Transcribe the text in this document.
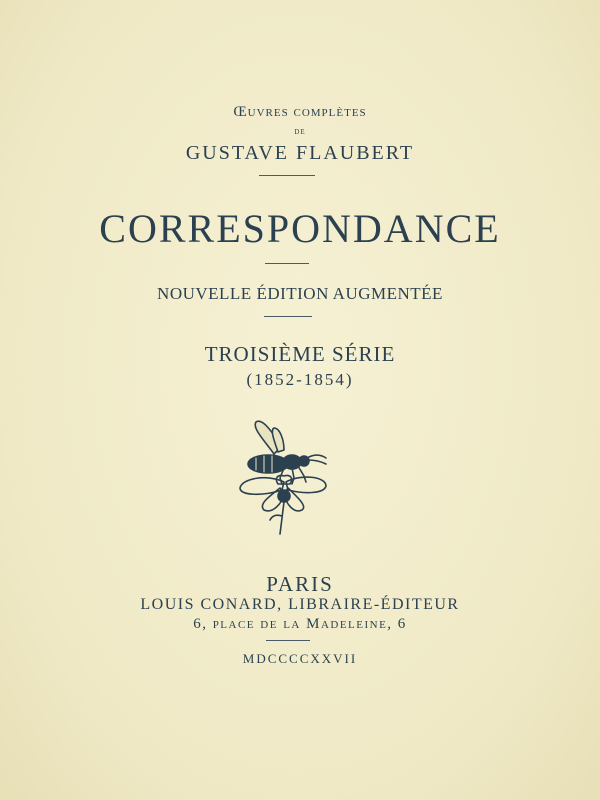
Œuvres complètes
de
GUSTAVE FLAUBERT
CORRESPONDANCE
NOUVELLE ÉDITION AUGMENTÉE
TROISIÈME SÉRIE
(1852-1854)
PARIS
LOUIS CONARD, LIBRAIRE-ÉDITEUR
6, place de la Madeleine, 6
MDCCCCXXVII
